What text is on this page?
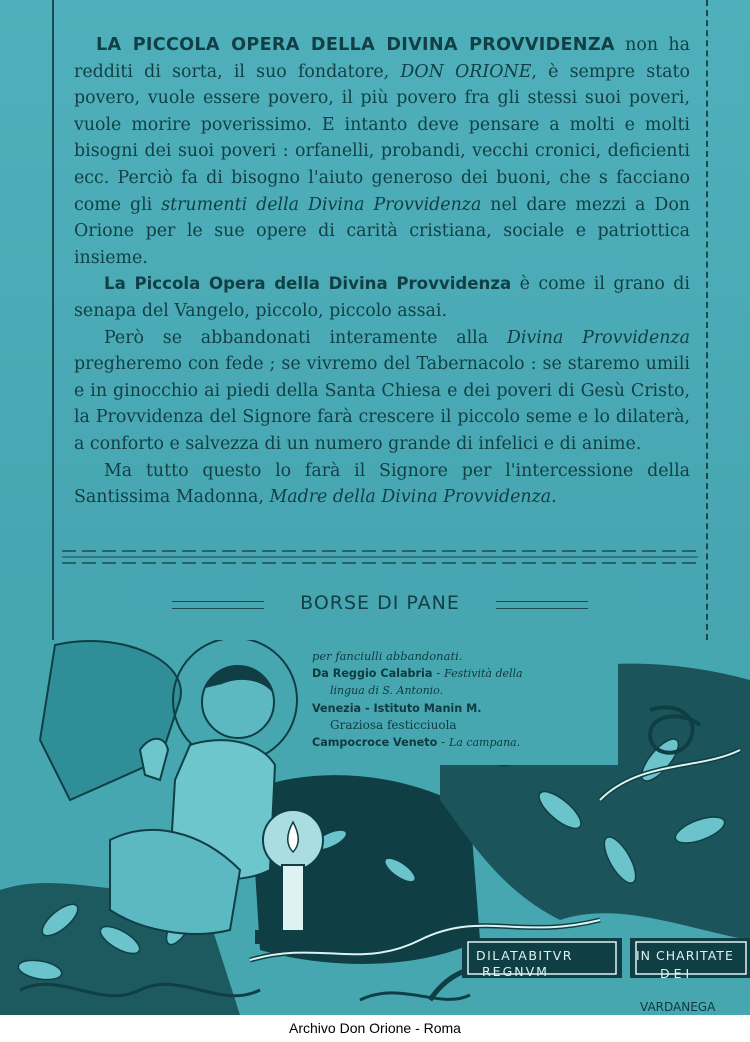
LA PICCOLA OPERA DELLA DIVINA PROVVIDENZA non ha redditi di sorta, il suo fondatore, DON ORIONE, è sempre stato povero, vuole essere povero, il più povero fra gli stessi suoi poveri, vuole morire poverissimo. E intanto deve pensare a molti e molti bisogni dei suoi poveri : orfanelli, probandi, vecchi cronici, deficienti ecc. Perciò fa di bisogno l'aiuto generoso dei buoni, che s facciano come gli strumenti della Divina Provvidenza nel dare mezzi a Don Orione per le sue opere di carità cristiana, sociale e patriottica insieme.

La Piccola Opera della Divina Provvidenza è come il grano di senapa del Vangelo, piccolo, piccolo assai.

Però se abbandonati interamente alla Divina Provvidenza pregheremo con fede ; se vivremo del Tabernacolo : se staremo umili e in ginocchio ai piedi della Santa Chiesa e dei poveri di Gesù Cristo, la Provvidenza del Signore farà crescere il piccolo seme e lo dilaterà, a conforto e salvezza di un numero grande di infelici e di anime.

Ma tutto questo lo farà il Signore per l'intercessione della Santissima Madonna, Madre della Divina Provvidenza.

BORSE DI PANE
per fanciulli abbandonati.
Da Reggio Calabria - Festività della
lingua di S. Antonio.
Venezia - Istituto Manin M.
Graziosa festicciuola
Campocroce Veneto - La campana.
DILATABITVR
REGNVM
IN CHARITATE
DEI
VARDANEGA
Archivo Don Orione - Roma
